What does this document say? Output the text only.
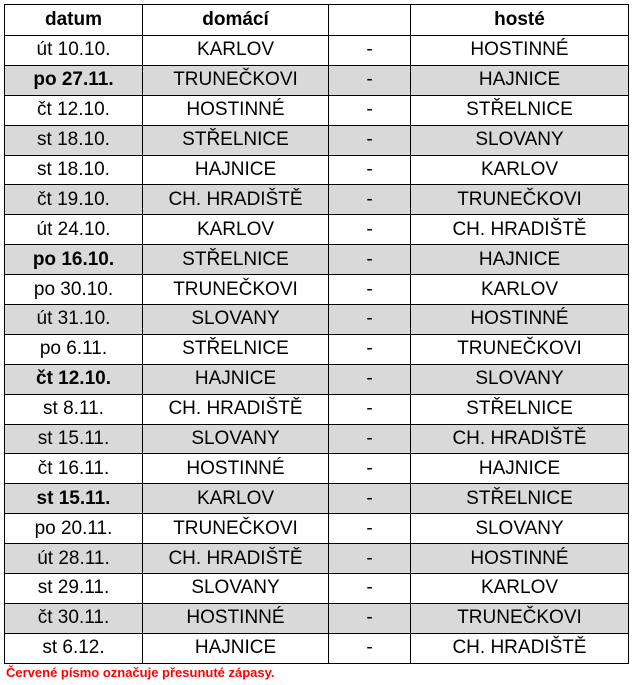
datum	domácí		hosté
út 10.10.	KARLOV	-	HOSTINNÉ
po 27.11.	TRUNEČKOVI	-	HAJNICE
čt 12.10.	HOSTINNÉ	-	STŘELNICE
st 18.10.	STŘELNICE	-	SLOVANY
st 18.10.	HAJNICE	-	KARLOV
čt 19.10.	CH. HRADIŠTĚ	-	TRUNEČKOVI
út 24.10.	KARLOV	-	CH. HRADIŠTĚ
po 16.10.	STŘELNICE	-	HAJNICE
po 30.10.	TRUNEČKOVI	-	KARLOV
út 31.10.	SLOVANY	-	HOSTINNÉ
po 6.11.	STŘELNICE	-	TRUNEČKOVI
čt 12.10.	HAJNICE	-	SLOVANY
st 8.11.	CH. HRADIŠTĚ	-	STŘELNICE
st 15.11.	SLOVANY	-	CH. HRADIŠTĚ
čt 16.11.	HOSTINNÉ	-	HAJNICE
st 15.11.	KARLOV	-	STŘELNICE
po 20.11.	TRUNEČKOVI	-	SLOVANY
út 28.11.	CH. HRADIŠTĚ	-	HOSTINNÉ
st 29.11.	SLOVANY	-	KARLOV
čt 30.11.	HOSTINNÉ	-	TRUNEČKOVI
st 6.12.	HAJNICE	-	CH. HRADIŠTĚ
Červené písmo označuje přesunuté zápasy.
